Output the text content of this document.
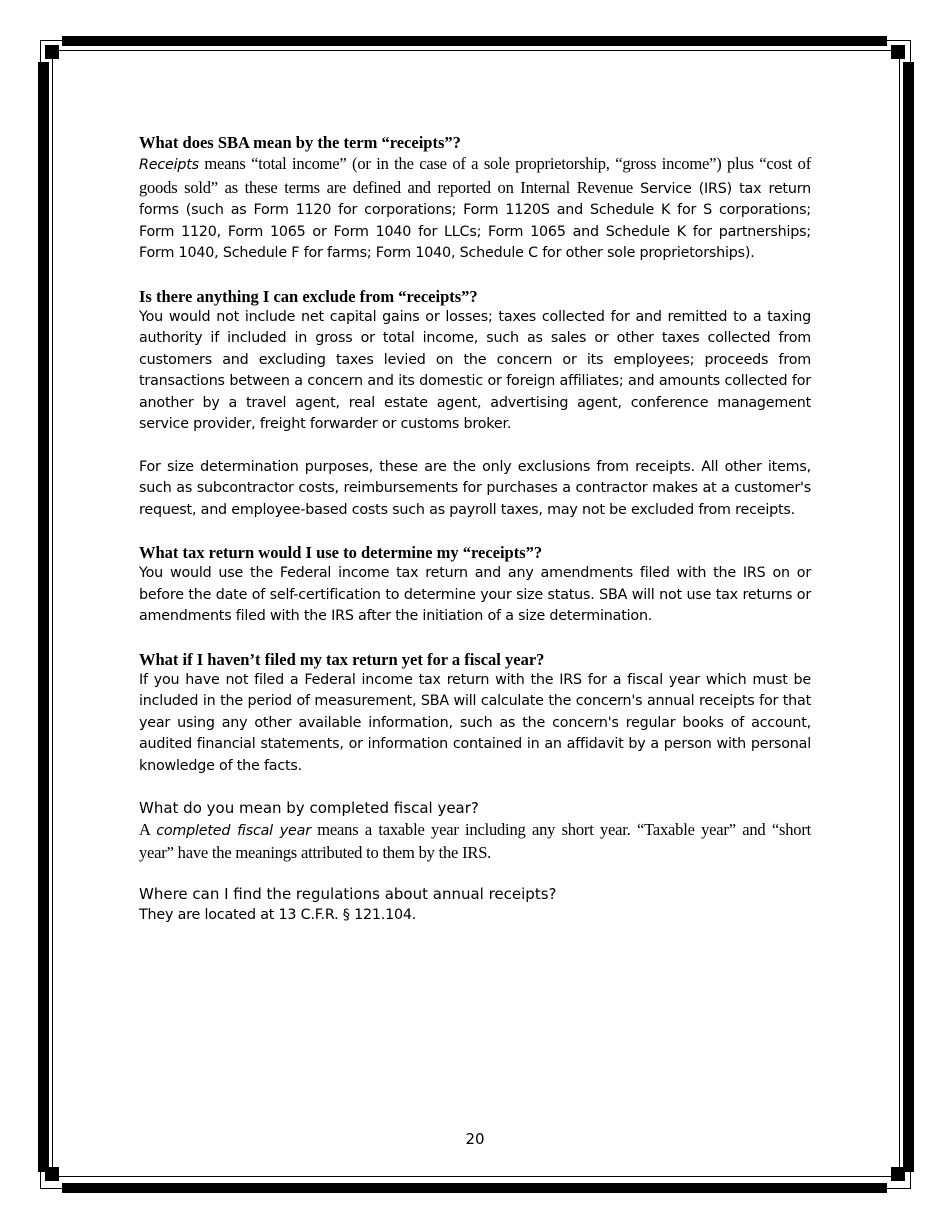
What does SBA mean by the term “receipts”?

Receipts means “total income” (or in the case of a sole proprietorship, “gross income”) plus “cost of goods sold” as these terms are defined and reported on Internal Revenue Service (IRS) tax return forms (such as Form 1120 for corporations; Form 1120S and Schedule K for S corporations; Form 1120, Form 1065 or Form 1040 for LLCs; Form 1065 and Schedule K for partnerships; Form 1040, Schedule F for farms; Form 1040, Schedule C for other sole proprietorships).

Is there anything I can exclude from “receipts”?

You would not include net capital gains or losses; taxes collected for and remitted to a taxing authority if included in gross or total income, such as sales or other taxes collected from customers and excluding taxes levied on the concern or its employees; proceeds from transactions between a concern and its domestic or foreign affiliates; and amounts collected for another by a travel agent, real estate agent, advertising agent, conference management service provider, freight forwarder or customs broker.

For size determination purposes, these are the only exclusions from receipts. All other items, such as subcontractor costs, reimbursements for purchases a contractor makes at a customer's request, and employee-based costs such as payroll taxes, may not be excluded from receipts.

What tax return would I use to determine my “receipts”?

You would use the Federal income tax return and any amendments filed with the IRS on or before the date of self-certification to determine your size status. SBA will not use tax returns or amendments filed with the IRS after the initiation of a size determination.

What if I haven’t filed my tax return yet for a fiscal year?

If you have not filed a Federal income tax return with the IRS for a fiscal year which must be included in the period of measurement, SBA will calculate the concern's annual receipts for that year using any other available information, such as the concern's regular books of account, audited financial statements, or information contained in an affidavit by a person with personal knowledge of the facts.

What do you mean by completed fiscal year?

A completed fiscal year means a taxable year including any short year. “Taxable year” and “short year” have the meanings attributed to them by the IRS.

Where can I find the regulations about annual receipts?

They are located at 13 C.F.R. § 121.104.

20
